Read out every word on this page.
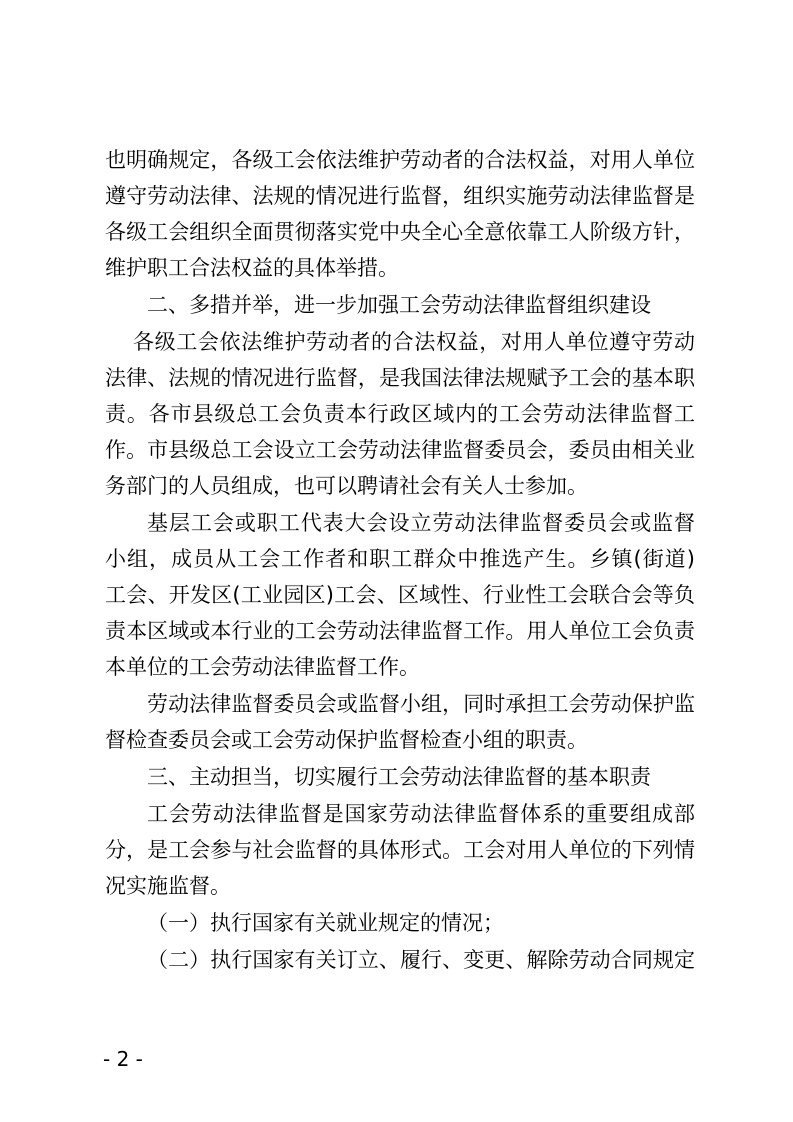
也明确规定，各级工会依法维护劳动者的合法权益，对用人单位
遵守劳动法律、法规的情况进行监督，组织实施劳动法律监督是
各级工会组织全面贯彻落实党中央全心全意依靠工人阶级方针，
维护职工合法权益的具体举措。
二、多措并举，进一步加强工会劳动法律监督组织建设
各级工会依法维护劳动者的合法权益，对用人单位遵守劳动
法律、法规的情况进行监督，是我国法律法规赋予工会的基本职
责。各市县级总工会负责本行政区域内的工会劳动法律监督工
作。市县级总工会设立工会劳动法律监督委员会，委员由相关业
务部门的人员组成，也可以聘请社会有关人士参加。
基层工会或职工代表大会设立劳动法律监督委员会或监督
小组，成员从工会工作者和职工群众中推选产生。乡镇(街道)
工会、开发区(工业园区)工会、区域性、行业性工会联合会等负
责本区域或本行业的工会劳动法律监督工作。用人单位工会负责
本单位的工会劳动法律监督工作。
劳动法律监督委员会或监督小组，同时承担工会劳动保护监
督检查委员会或工会劳动保护监督检查小组的职责。
三、主动担当，切实履行工会劳动法律监督的基本职责
工会劳动法律监督是国家劳动法律监督体系的重要组成部
分，是工会参与社会监督的具体形式。工会对用人单位的下列情
况实施监督。
（一）执行国家有关就业规定的情况；
（二）执行国家有关订立、履行、变更、解除劳动合同规定
- 2 -
